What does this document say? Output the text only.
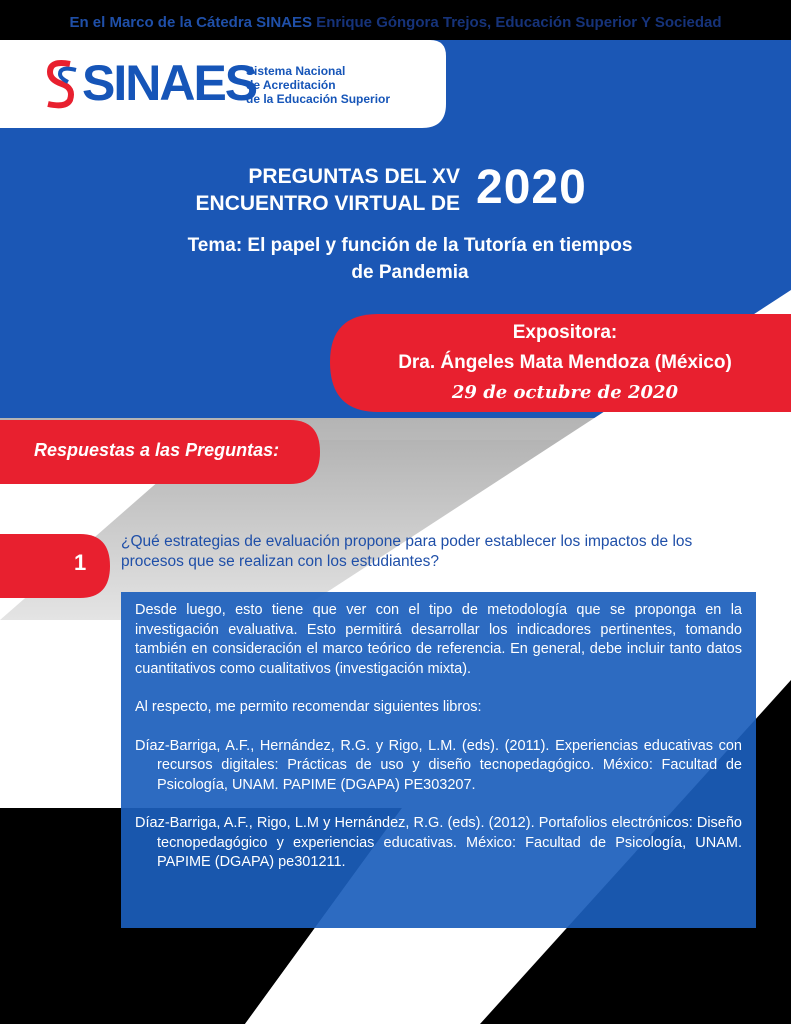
En el Marco de la Cátedra SINAES Enrique Góngora Trejos, Educación Superior Y Sociedad
SINAES
Sistema Nacional
de Acreditación
de la Educación Superior
PREGUNTAS DEL XV
ENCUENTRO VIRTUAL DE 2020
Tema: El papel y función de la Tutoría en tiempos
de Pandemia
Expositora:
Dra. Ángeles Mata Mendoza (México)
29 de octubre de 2020
Respuestas a las Preguntas:
1
¿Qué estrategias de evaluación propone para poder establecer los impactos de los procesos que se realizan con los estudiantes?

Desde luego, esto tiene que ver con el tipo de metodología que se proponga en la investigación evaluativa. Esto permitirá desarrollar los indicadores pertinentes, tomando también en consideración el marco teórico de referencia. En general, debe incluir tanto datos cuantitativos como cualitativos (investigación mixta).

Al respecto, me permito recomendar siguientes libros:

Díaz-Barriga, A.F., Hernández, R.G. y Rigo, L.M. (eds). (2011). Experiencias educativas con recursos digitales: Prácticas de uso y diseño tecnopedagógico. México: Facultad de Psicología, UNAM. PAPIME (DGAPA) PE303207.

Díaz-Barriga, A.F., Rigo, L.M y Hernández, R.G. (eds). (2012). Portafolios electrónicos: Diseño tecnopedagógico y experiencias educativas. México: Facultad de Psicología, UNAM. PAPIME (DGAPA) pe301211.
